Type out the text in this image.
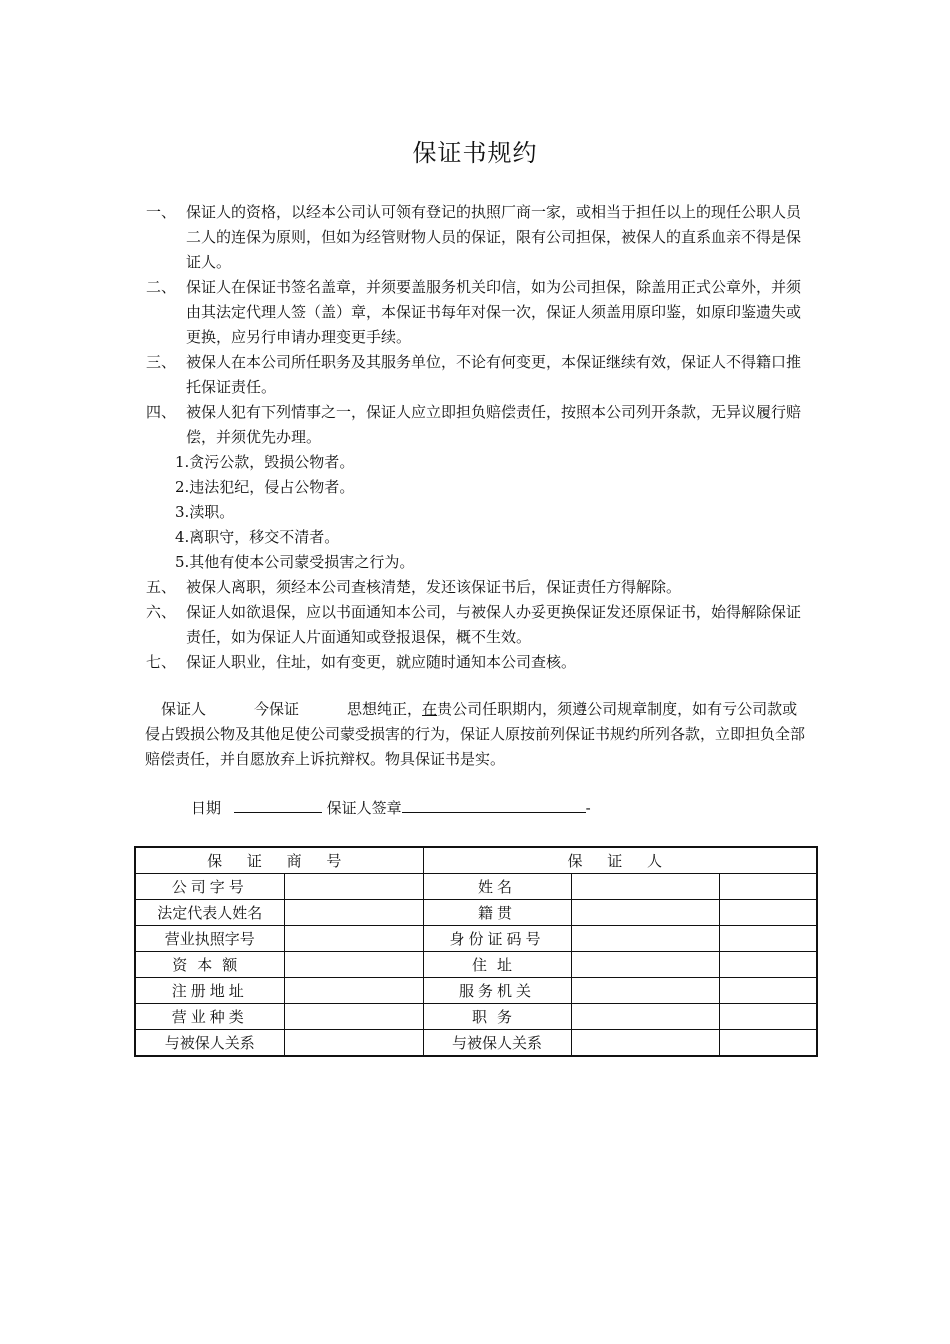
保证书规约
一、 保证人的资格，以经本公司认可领有登记的执照厂商一家，或相当于担任以上的现任公职人员二人的连保为原则，但如为经管财物人员的保证，限有公司担保，被保人的直系血亲不得是保证人。
二、 保证人在保证书签名盖章，并须要盖服务机关印信，如为公司担保，除盖用正式公章外，并须由其法定代理人签（盖）章，本保证书每年对保一次，保证人须盖用原印鉴，如原印鉴遗失或更换，应另行申请办理变更手续。
三、 被保人在本公司所任职务及其服务单位，不论有何变更，本保证继续有效，保证人不得籍口推托保证责任。
四、 被保人犯有下列情事之一，保证人应立即担负赔偿责任，按照本公司列开条款，无异议履行赔偿，并须优先办理。
1.贪污公款，毁损公物者。
2.违法犯纪，侵占公物者。
3.渎职。
4.离职守，移交不清者。
5.其他有使本公司蒙受损害之行为。
五、 被保人离职，须经本公司查核清楚，发还该保证书后，保证责任方得解除。
六、 保证人如欲退保，应以书面通知本公司，与被保人办妥更换保证发还原保证书，始得解除保证责任，如为保证人片面通知或登报退保，概不生效。
七、 保证人职业，住址，如有变更，就应随时通知本公司查核。
保证人	今保证	思想纯正，在贵公司任职期内，须遵公司规章制度，如有亏公司款或侵占毁损公物及其他足使公司蒙受损害的行为，保证人原按前列保证书规约所列各款，立即担负全部赔偿责任，并自愿放弃上诉抗辩权。物具保证书是实。
日期	保证人签章	-
保 证 商 号		保 证 人		
公司字号		姓名		
法定代表人姓名		籍贯		
营业执照字号		身份证码号		
资本额		住址		
注册地址		服务机关		
营业种类		职务		
与被保人关系		与被保人关系		
